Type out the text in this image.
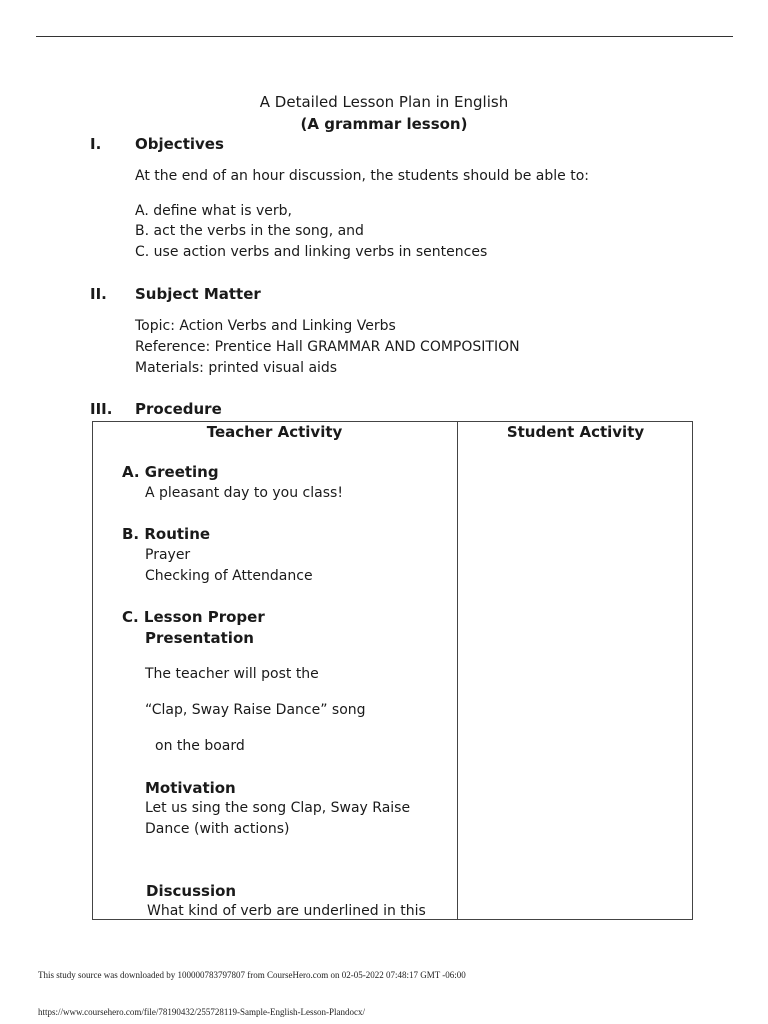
A Detailed Lesson Plan in English
(A grammar lesson)
I. Objectives
At the end of an hour discussion, the students should be able to:
A. define what is verb,
B. act the verbs in the song, and
C. use action verbs and linking verbs in sentences
II. Subject Matter
Topic: Action Verbs and Linking Verbs
Reference: Prentice Hall GRAMMAR AND COMPOSITION
Materials: printed visual aids
III. Procedure
Teacher Activity	Student Activity
A. Greeting
A pleasant day to you class!
B. Routine
Prayer
Checking of Attendance
C. Lesson Proper
Presentation
The teacher will post the
“Clap, Sway Raise Dance” song
on the board
Motivation
Let us sing the song Clap, Sway Raise
Dance (with actions)
Discussion
What kind of verb are underlined in this
This study source was downloaded by 100000783797807 from CourseHero.com on 02-05-2022 07:48:17 GMT -06:00
https://www.coursehero.com/file/78190432/255728119-Sample-English-Lesson-Plandocx/
